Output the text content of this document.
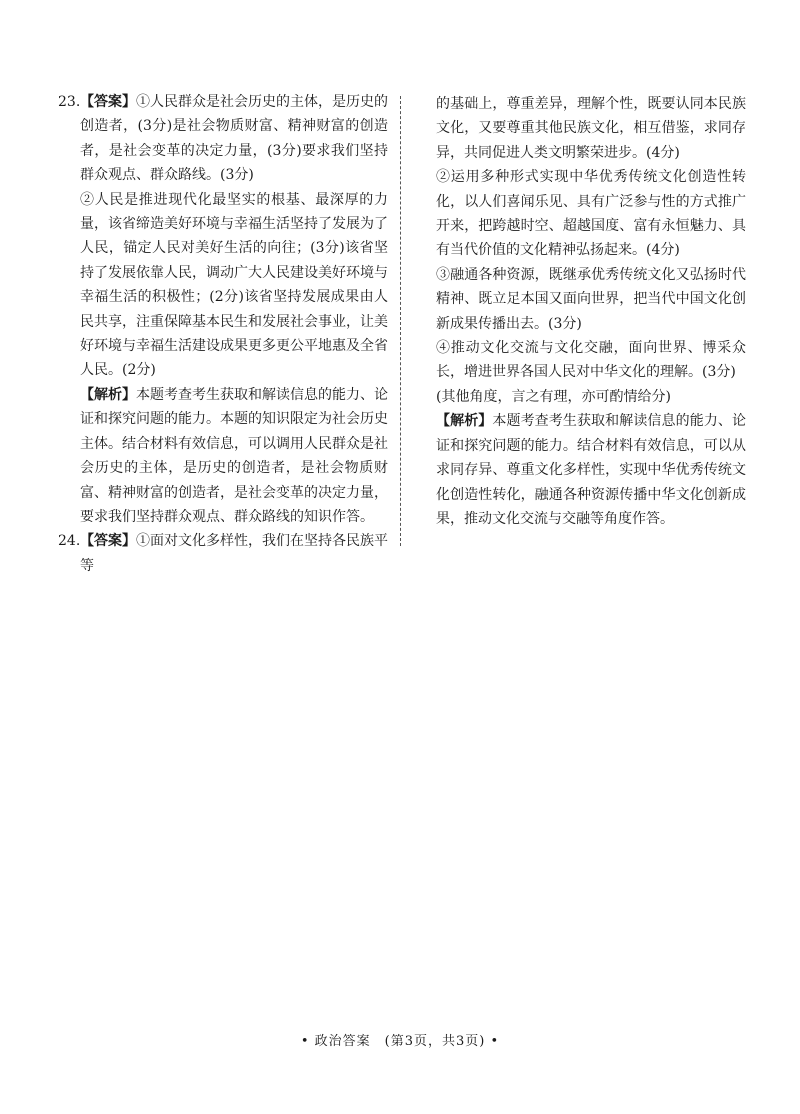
23. 【答案】①人民群众是社会历史的主体，是历史的创造者，(3分)是社会物质财富、精神财富的创造者，是社会变革的决定力量，(3分)要求我们坚持群众观点、群众路线。(3分)

②人民是推进现代化最坚实的根基、最深厚的力量，该省缔造美好环境与幸福生活坚持了发展为了人民，锚定人民对美好生活的向往；(3分)该省坚持了发展依靠人民，调动广大人民建设美好环境与幸福生活的积极性；(2分)该省坚持发展成果由人民共享，注重保障基本民生和发展社会事业，让美好环境与幸福生活建设成果更多更公平地惠及全省人民。(2分)

【解析】本题考查考生获取和解读信息的能力、论证和探究问题的能力。本题的知识限定为社会历史主体。结合材料有效信息，可以调用人民群众是社会历史的主体，是历史的创造者，是社会物质财富、精神财富的创造者，是社会变革的决定力量，要求我们坚持群众观点、群众路线的知识作答。

24. 【答案】①面对文化多样性，我们在坚持各民族平等

的基础上，尊重差异，理解个性，既要认同本民族文化，又要尊重其他民族文化，相互借鉴，求同存异，共同促进人类文明繁荣进步。(4分)

②运用多种形式实现中华优秀传统文化创造性转化，以人们喜闻乐见、具有广泛参与性的方式推广开来，把跨越时空、超越国度、富有永恒魅力、具有当代价值的文化精神弘扬起来。(4分)

③融通各种资源，既继承优秀传统文化又弘扬时代精神、既立足本国又面向世界，把当代中国文化创新成果传播出去。(3分)

④推动文化交流与文化交融，面向世界、博采众长，增进世界各国人民对中华文化的理解。(3分)

(其他角度，言之有理，亦可酌情给分)

【解析】本题考查考生获取和解读信息的能力、论证和探究问题的能力。结合材料有效信息，可以从求同存异、尊重文化多样性，实现中华优秀传统文化创造性转化，融通各种资源传播中华文化创新成果，推动文化交流与交融等角度作答。

• 政治答案　(第3页，共3页) •
